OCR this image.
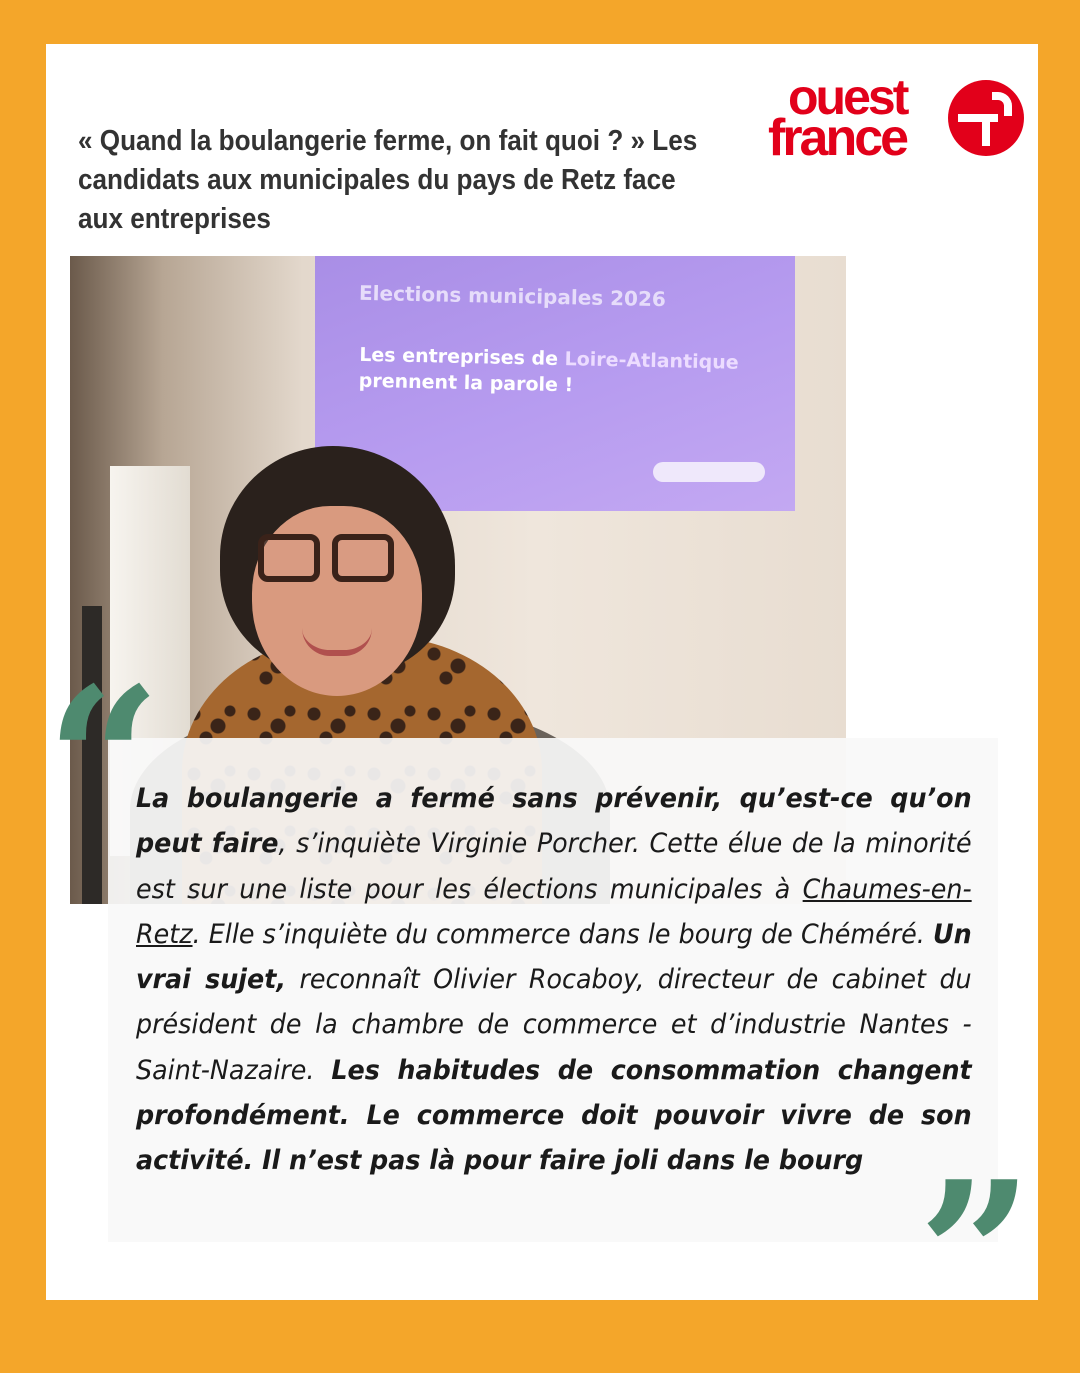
« Quand la boulangerie ferme, on fait quoi ? » Les candidats aux municipales du pays de Retz face aux entreprises
ouest
france
Elections municipales 2026
Les entreprises de Loire-Atlantique
prennent la parole !

La boulangerie a fermé sans prévenir, qu’est-ce qu’on peut faire, s’inquiète Virginie Porcher. Cette élue de la minorité est sur une liste pour les élections municipales à Chaumes-en-Retz. Elle s’inquiète du commerce dans le bourg de Chéméré. Un vrai sujet, reconnaît Olivier Rocaboy, directeur de cabinet du président de la chambre de commerce et d’industrie Nantes - Saint-Nazaire. Les habitudes de consommation changent profondément. Le commerce doit pouvoir vivre de son activité. Il n’est pas là pour faire joli dans le bourg

“
”
